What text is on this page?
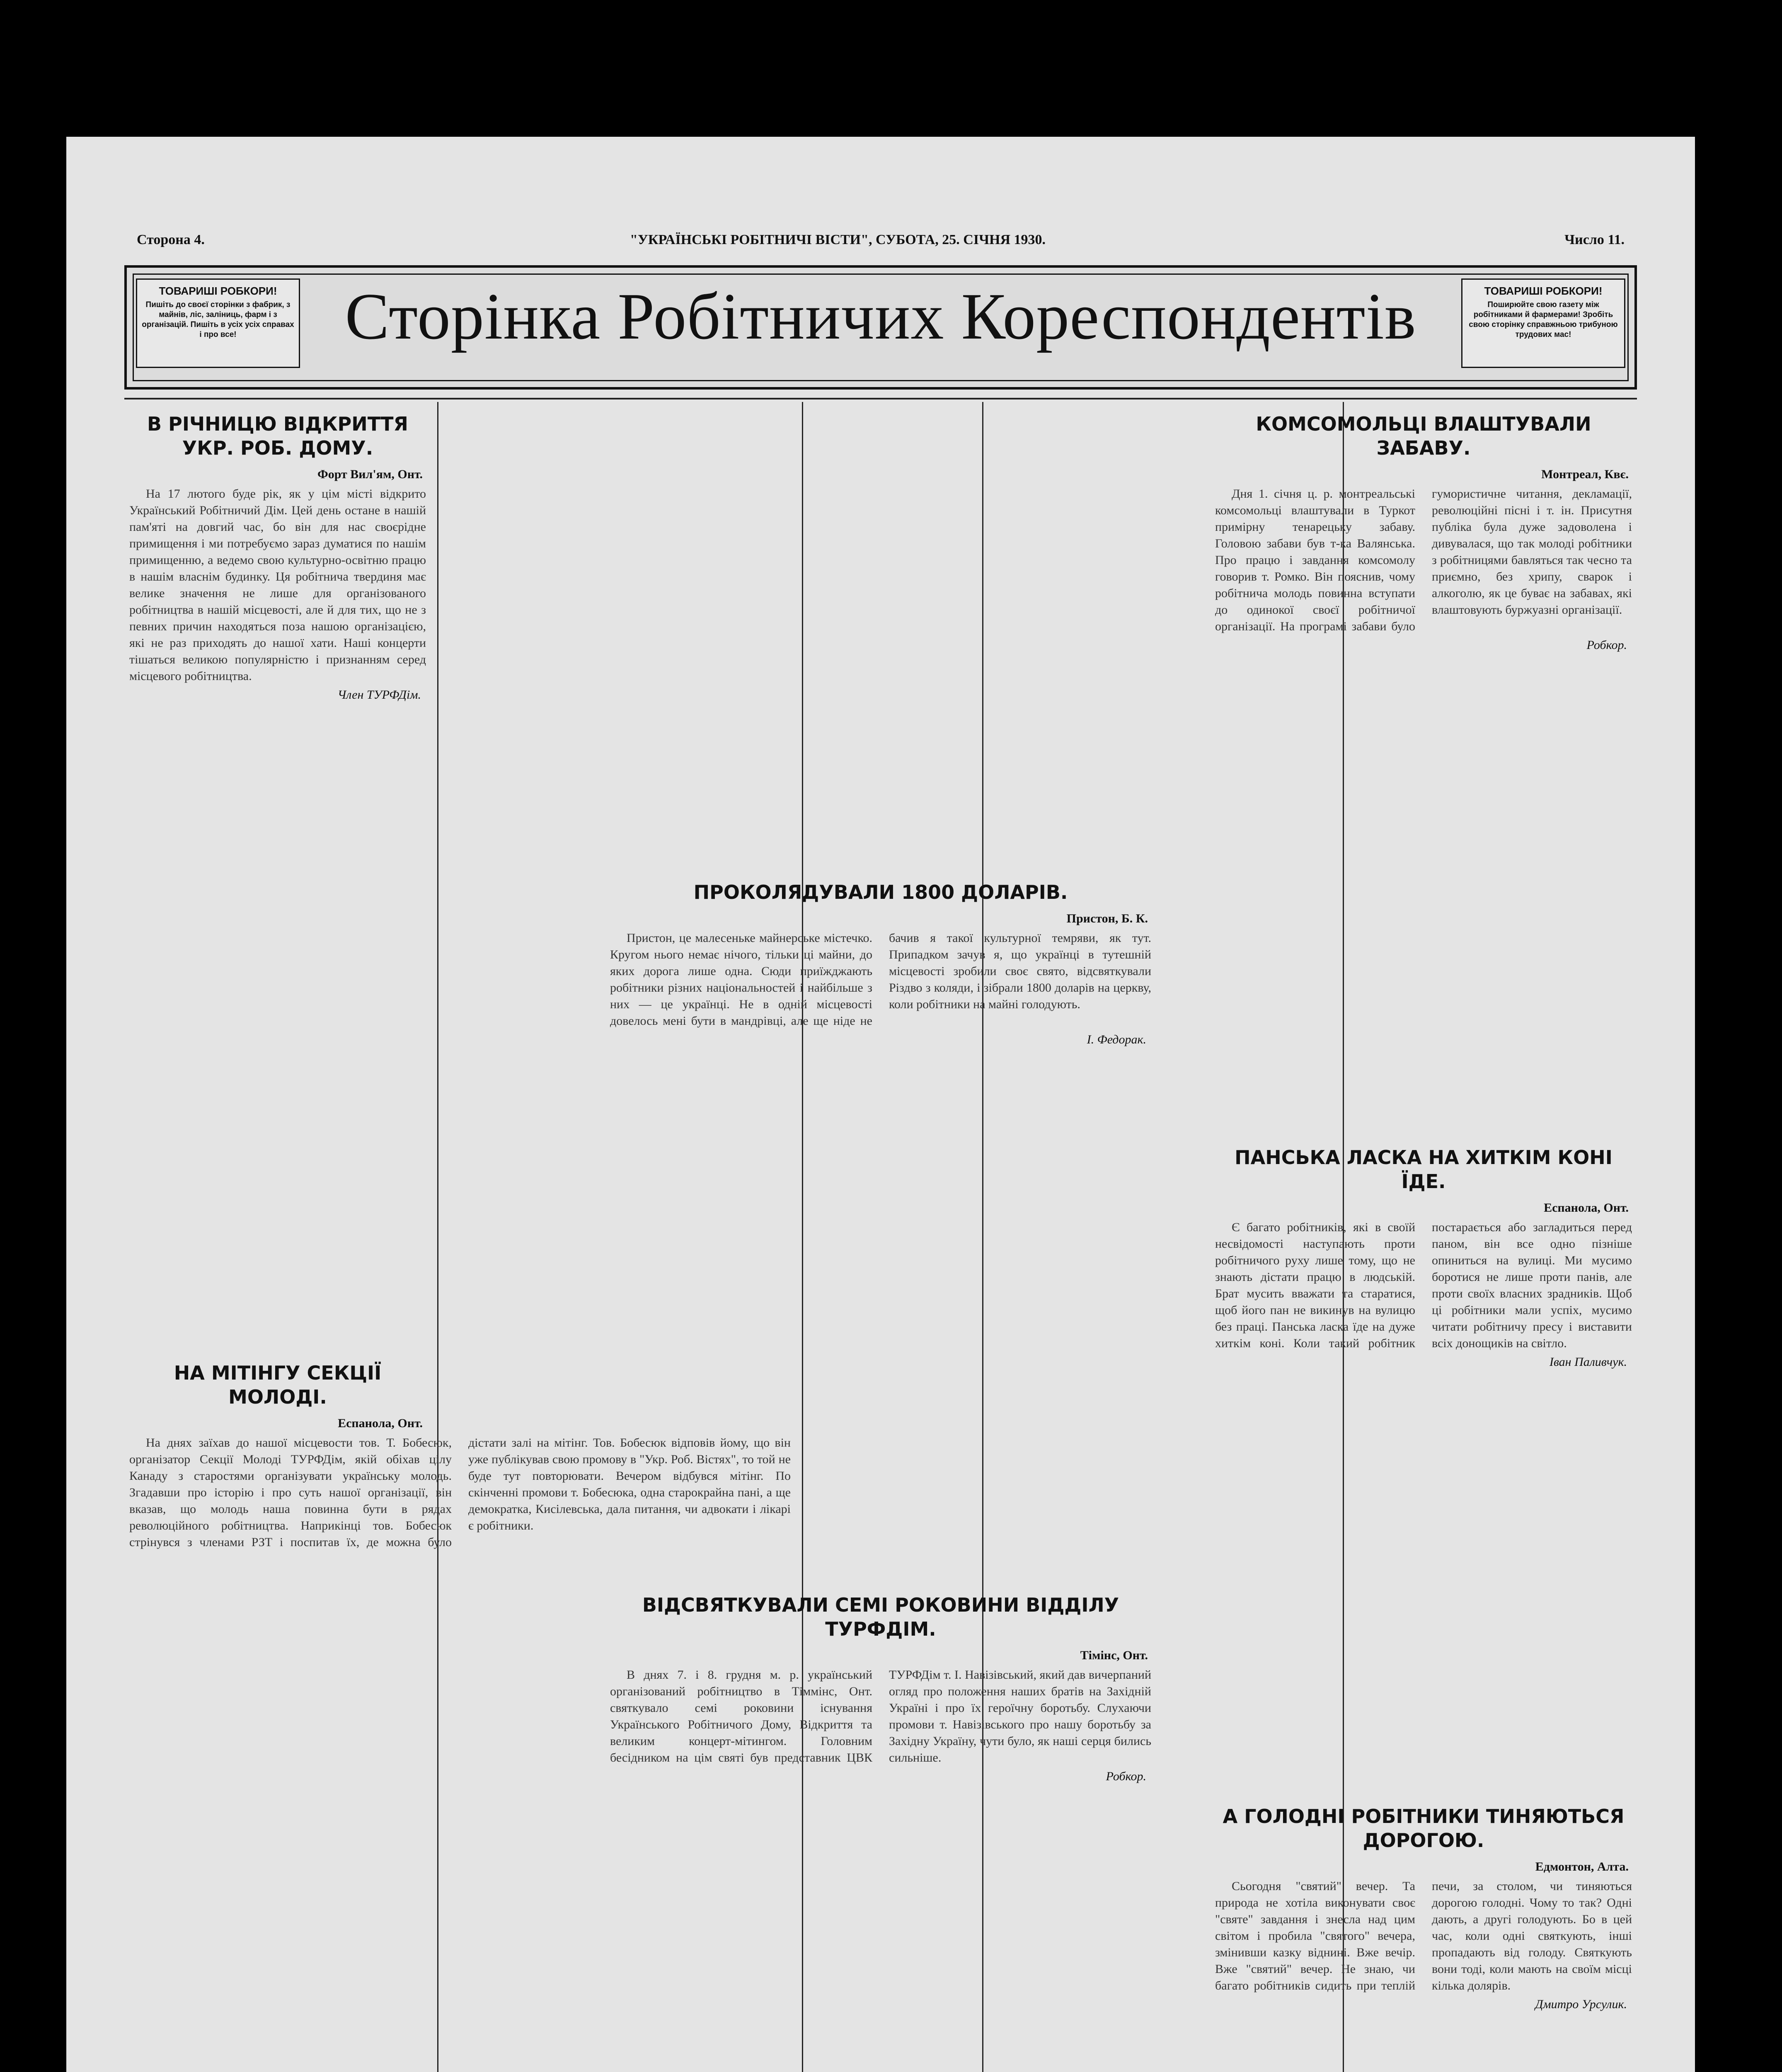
Сторона 4.	"УКРАЇНСЬКІ РОБІТНИЧІ ВІСТИ", СУБОТА, 25. СІЧНЯ 1930.	Число 11.
ТОВАРИШІ РОБКОРИ!
Пишіть до своєї сторінки з фабрик, з майнів, ліс, заліниць, фарм і з організацій. Пишіть в усіх усіх справах і про все!	Сторінка Робітничих Кореспондентів	ТОВАРИШІ РОБКОРИ!
Поширюйте свою газету між робітниками й фармерами! Зробіть свою сторінку справжньою трибуною трудових мас!
В РІЧНИЦЮ ВІДКРИТТЯ УКР. РОБ. ДОМУ.
Форт Вил'ям, Онт.
На 17 лютого буде рік, як у цім місті відкрито Український Робітничий Дім. Цей день остане в нашій пам'яті на довгий час, бо він для нас своєрідне примищення і ми потребуємо зараз думатися по нашім примищенню, а ведемо свою культурно-освітню працю в нашім власнім будинку. Ця робітнича твердиня має велике значення не лише для організованого робітництва в нашій місцевості, але й для тих, що не з певних причин находяться поза нашою організацією, які не раз приходять до нашої хати. Наші концерти тішаться великою популярністю і признанням серед місцевого робітництва.
Член ТУРФДім.
НА МІТІНГУ СЕКЦІЇ МОЛОДІ.
Еспанола, Онт.
На днях заїхав до нашої місцевости тов. Т. Бобесюк, організатор Секції Молоді ТУРФДім, якій обіхав цілу Канаду з старостями організувати українську молодь. Згадавши про історію і про суть нашої організації, він вказав, що молодь наша повинна бути в рядах революційного робітництва. Наприкінці тов. Бобесюк стрінувся з членами РЗТ і поспитав їх, де можна було дістати залі на мітінг. Тов. Бобесюк відповів йому, що він уже публікував свою промову в "Укр. Роб. Вістях", то той не буде тут повторювати. Вечером відбувся мітінг. По скінченні промови т. Бобесюка, одна старокрайна пані, а ще демократка, Кисілевська, дала питання, чи адвокати і лікарі є робітники.
ПРОКОЛЯДУВАЛИ 1800 ДОЛАРІВ.
Пристон, Б. К.
Пристон, це малесеньке майнерське містечко. Кругом нього немає нічого, тільки ці майни, до яких дорога лише одна. Сюди приїжджають робітники різних національностей і найбільше з них — це українці. Не в одній місцевості довелось мені бути в мандрівці, але ще ніде не бачив я такої культурної темряви, як тут. Припадком зачув я, що українці в тутешній місцевості зробили своє свято, відсвяткували Різдво з коляди, і зібрали 1800 доларів на церкву, коли робітники на майні голодують.
І. Федорак.
ВІДСВЯТКУВАЛИ СЕМІ РОКОВИНИ ВІДДІЛУ ТУРФДІМ.
Тімінс, Онт.
В днях 7. і 8. грудня м. р. український організований робітництво в Тіммінс, Онт. святкувало семі роковини існування Українського Робітничого Дому, Відкриття та великим концерт-мітингом. Головним бесідником на цім святі був представник ЦВК ТУРФДім т. І. Навізівський, який дав вичерпаний огляд про положення наших братів на Західній Україні і про їх героїчну боротьбу. Слухаючи промови т. Навізівського про нашу боротьбу за Західну Україну, чути було, як наші серця бились сильніше.
Робкор.
КОМСОМОЛЬЦІ ВЛАШТУВАЛИ ЗАБАВУ.
Монтреал, Квє.
Дня 1. січня ц. р. монтреальські комсомольці влаштували в Туркот примірну тенарецьку забаву. Головою забави був т-ка Валянська. Про працю і завдання комсомолу говорив т. Ромко. Він пояснив, чому робітнича молодь повинна вступати до одинокої своєї робітничої організації. На програмі забави було гумористичне читання, декламації, революційні пісні і т. ін. Присутня публіка була дуже задоволена і дивувалася, що так молоді робітники з робітницями бавляться так чесно та приємно, без хрипу, сварок і алкоголю, як це буває на забавах, які влаштовують буржуазні організації.
Робкор.
ПАНСЬКА ЛАСКА НА ХИТКІМ КОНІ ЇДЕ.
Еспанола, Онт.
Є багато робітників, які в своїй несвідомості наступають проти робітничого руху лише тому, що не знають дістати працю в людській. Брат мусить вважати та старатися, щоб його пан не викинув на вулицю без праці. Панська ласка їде на дуже хиткім коні. Коли такий робітник постарається або загладиться перед паном, він все одно пізніше опиниться на вулиці. Ми мусимо боротися не лише проти панів, але проти своїх власних зрадників. Щоб ці робітники мали успіх, мусимо читати робітничу пресу і виставити всіх донощиків на світло.
Іван Паливчук.
А ГОЛОДНІ РОБІТНИКИ ТИНЯЮТЬСЯ ДОРОГОЮ.
Едмонтон, Алта.
Сьогодня "святий" вечер. Та природа не хотіла виконувати своє "святе" завдання і знесла над цим світом і пробила "святого" вечера, змінивши казку віднині. Вже вечір. Вже "святий" вечер. Не знаю, чи багато робітників сидить при теплій печи, за столом, чи тиняються дорогою голодні. Чому то так? Одні дають, а другі голодують. Бо в цей час, коли одні святкують, інші пропадають від голоду. Святкують вони тоді, коли мають на своїм місці кілька долярів.
Дмитро Урсулик.
